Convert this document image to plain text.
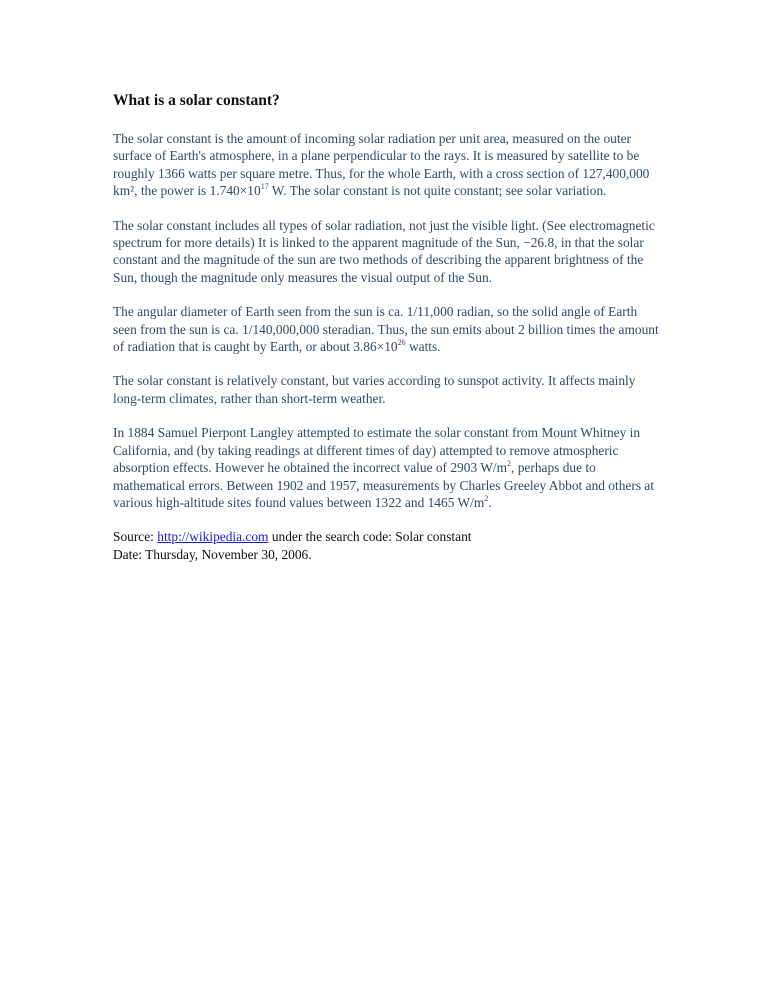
What is a solar constant?

The solar constant is the amount of incoming solar radiation per unit area, measured on the outer surface of Earth's atmosphere, in a plane perpendicular to the rays. It is measured by satellite to be roughly 1366 watts per square metre. Thus, for the whole Earth, with a cross section of 127,400,000 km², the power is $1.740\times 10^{17}$ W. The solar constant is not quite constant; see solar variation.

The solar constant includes all types of solar radiation, not just the visible light. (See electromagnetic spectrum for more details) It is linked to the apparent magnitude of the Sun, −26.8, in that the solar constant and the magnitude of the sun are two methods of describing the apparent brightness of the Sun, though the magnitude only measures the visual output of the Sun.

The angular diameter of Earth seen from the sun is ca. 1/11,000 radian, so the solid angle of Earth seen from the sun is ca. 1/140,000,000 steradian. Thus, the sun emits about 2 billion times the amount of radiation that is caught by Earth, or about $3.86\times 10^{26}$ watts.

The solar constant is relatively constant, but varies according to sunspot activity. It affects mainly long-term climates, rather than short-term weather.

In 1884 Samuel Pierpont Langley attempted to estimate the solar constant from Mount Whitney in California, and (by taking readings at different times of day) attempted to remove atmospheric absorption effects. However he obtained the incorrect value of 2903 $W/m^2$, perhaps due to mathematical errors. Between 1902 and 1957, measurements by Charles Greeley Abbot and others at various high-altitude sites found values between 1322 and 1465 $W/m^2$.

Source: http://wikipedia.com under the search code: Solar constant

Date: Thursday, November 30, 2006.
